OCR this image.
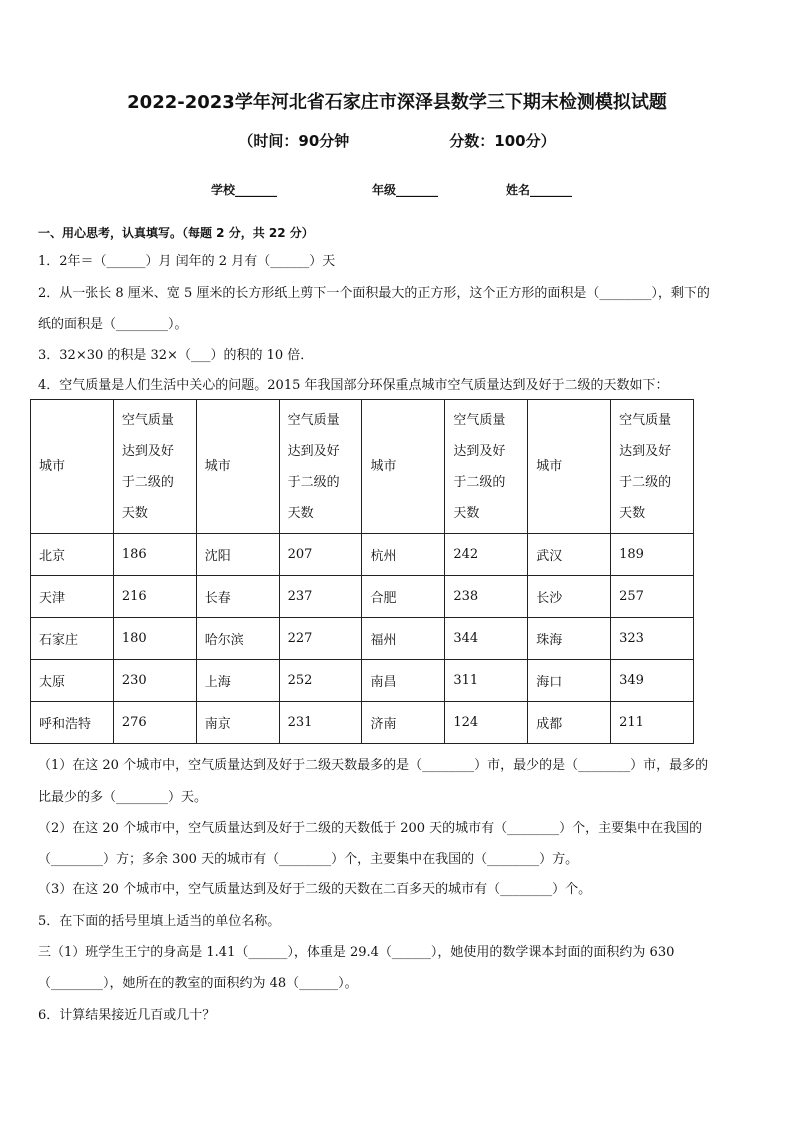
2022-2023学年河北省石家庄市深泽县数学三下期末检测模拟试题
（时间：90分钟	分数：100分）
学校_______	年级_______	姓名_______
一、用心思考，认真填写。（每题 2 分，共 22 分）
1．2年＝（______）月 闰年的 2 月有（______）天
2．从一张长 8 厘米、宽 5 厘米的长方形纸上剪下一个面积最大的正方形，这个正方形的面积是（________），剩下的
纸的面积是（________）。
3．32×30 的积是 32×（___）的积的 10 倍．
4．空气质量是人们生活中关心的问题。2015 年我国部分环保重点城市空气质量达到及好于二级的天数如下：
城市	空气质量
达到及好
于二级的
天数	城市	空气质量
达到及好
于二级的
天数	城市	空气质量
达到及好
于二级的
天数	城市	空气质量
达到及好
于二级的
天数
北京	186	沈阳	207	杭州	242	武汉	189
天津	216	长春	237	合肥	238	长沙	257
石家庄	180	哈尔滨	227	福州	344	珠海	323
太原	230	上海	252	南昌	311	海口	349
呼和浩特	276	南京	231	济南	124	成都	211
（1）在这 20 个城市中，空气质量达到及好于二级天数最多的是（________）市，最少的是（________）市，最多的
比最少的多（________）天。
（2）在这 20 个城市中，空气质量达到及好于二级的天数低于 200 天的城市有（________）个，主要集中在我国的
（________）方；多余 300 天的城市有（________）个，主要集中在我国的（________）方。
（3）在这 20 个城市中，空气质量达到及好于二级的天数在二百多天的城市有（________）个。
5．在下面的括号里填上适当的单位名称。
三（1）班学生王宁的身高是 1.41（______），体重是 29.4（______），她使用的数学课本封面的面积约为 630
（________），她所在的教室的面积约为 48（______）。
6．计算结果接近几百或几十？
